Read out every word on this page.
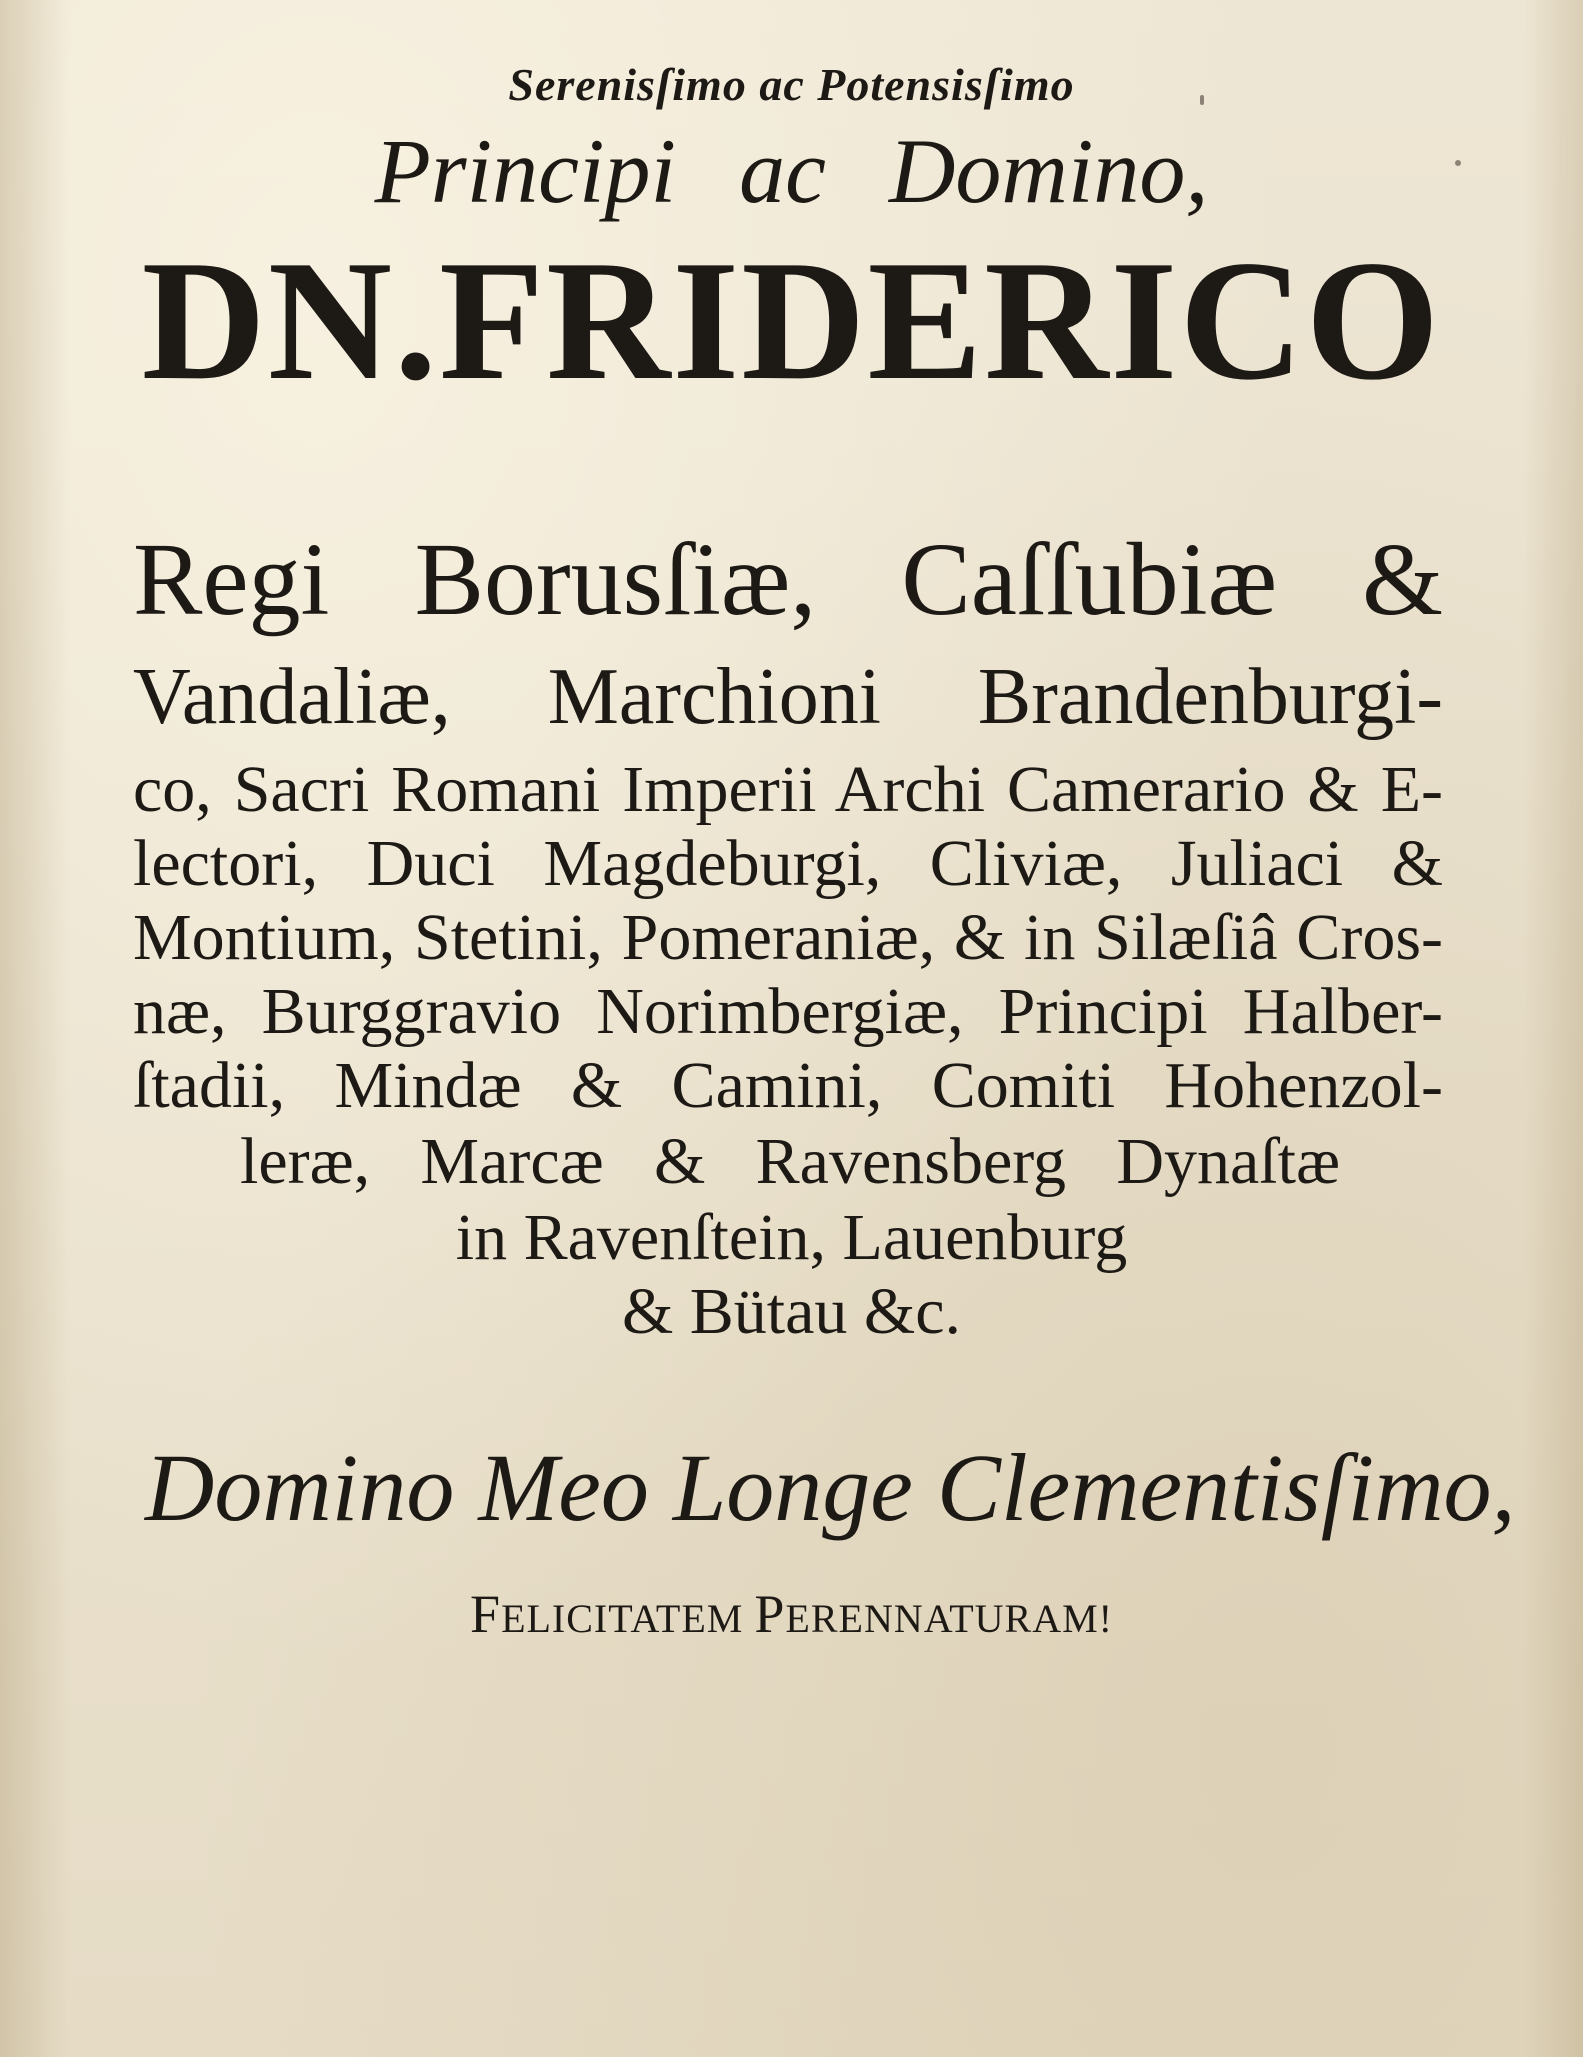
Serenisſimo ac Potensisſimo
Principi ac Domino,
DN.FRIDERICO
Regi Borusſiæ, Caſſubiæ &
Vandaliæ, Marchioni Brandenburgi-
co, Sacri Romani Imperii Archi Camerario & E-
lectori, Duci Magdeburgi, Cliviæ, Juliaci &
Montium, Stetini, Pomeraniæ, & in Silæſiâ Cros-
næ, Burggravio Norimbergiæ, Principi Halber-
ſtadii, Mindæ & Camini, Comiti Hohenzol-
leræ, Marcæ & Ravensberg Dynaſtæ
in Ravenſtein, Lauenburg
& Bütau &c.
Domino Meo Longe Clementisſimo,
FELICITATEM PERENNATURAM!
